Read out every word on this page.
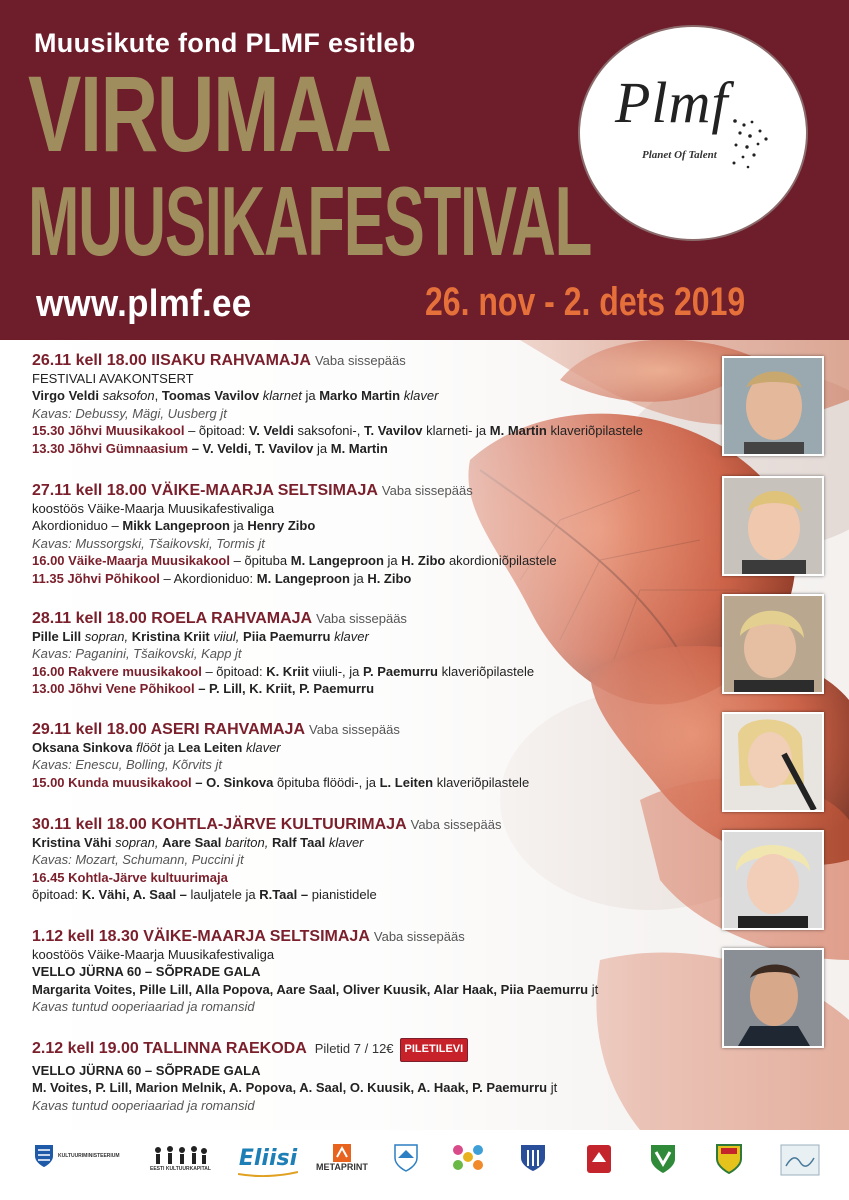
Muusikute fond PLMF esitleb
VIRUMAA
MUUSIKAFESTIVAL
Plmf
Planet Of Talent
www.plmf.ee	26. nov - 2. dets 2019
26.11 kell 18.00 IISAKU RAHVAMAJA Vaba sissepääs
FESTIVALI AVAKONTSERT
Virgo Veldi saksofon, Toomas Vavilov klarnet ja Marko Martin klaver
Kavas: Debussy, Mägi, Uusberg jt
15.30 Jõhvi Muusikakool – õpitoad: V. Veldi saksofoni-, T. Vavilov klarneti- ja M. Martin klaveriõpilastele
13.30 Jõhvi Gümnaasium – V. Veldi, T. Vavilov ja M. Martin
27.11 kell 18.00 VÄIKE-MAARJA SELTSIMAJA Vaba sissepääs
koostöös Väike-Maarja Muusikafestivaliga
Akordioniduo – Mikk Langeproon ja Henry Zibo
Kavas: Mussorgski, Tšaikovski, Tormis jt
16.00 Väike-Maarja Muusikakool – õpituba M. Langeproon ja H. Zibo akordioniõpilastele
11.35 Jõhvi Põhikool – Akordioniduo: M. Langeproon ja H. Zibo
28.11 kell 18.00 ROELA RAHVAMAJA Vaba sissepääs
Pille Lill sopran, Kristina Kriit viiul, Piia Paemurru klaver
Kavas: Paganini, Tšaikovski, Kapp jt
16.00 Rakvere muusikakool – õpitoad: K. Kriit viiuli-, ja P. Paemurru klaveriõpilastele
13.00 Jõhvi Vene Põhikool – P. Lill, K. Kriit, P. Paemurru
29.11 kell 18.00 ASERI RAHVAMAJA Vaba sissepääs
Oksana Sinkova flööt ja Lea Leiten klaver
Kavas: Enescu, Bolling, Kõrvits jt
15.00 Kunda muusikakool – O. Sinkova õpituba flöödi-, ja L. Leiten klaveriõpilastele
30.11 kell 18.00 KOHTLA-JÄRVE KULTUURIMAJA Vaba sissepääs
Kristina Vähi sopran, Aare Saal bariton, Ralf Taal klaver
Kavas: Mozart, Schumann, Puccini jt
16.45 Kohtla-Järve kultuurimaja
õpitoad: K. Vähi, A. Saal – lauljatele ja R.Taal – pianistidele
1.12 kell 18.30 VÄIKE-MAARJA SELTSIMAJA Vaba sissepääs
koostöös Väike-Maarja Muusikafestivaliga
VELLO JÜRNA 60 – SÕPRADE GALA
Margarita Voites, Pille Lill, Alla Popova, Aare Saal, Oliver Kuusik, Alar Haak, Piia Paemurru jt
Kavas tuntud ooperiaariad ja romansid
2.12 kell 19.00 TALLINNA RAEKODA Piletid 7 / 12€ PILETILEVI
VELLO JÜRNA 60 – SÕPRADE GALA
M. Voites, P. Lill, Marion Melnik, A. Popova, A. Saal, O. Kuusik, A. Haak, P. Paemurru jt
Kavas tuntud ooperiaariad ja romansid
KULTUURIMINISTEERIUM
EESTI KULTUURKAPITAL Eliisi METAPRINT
